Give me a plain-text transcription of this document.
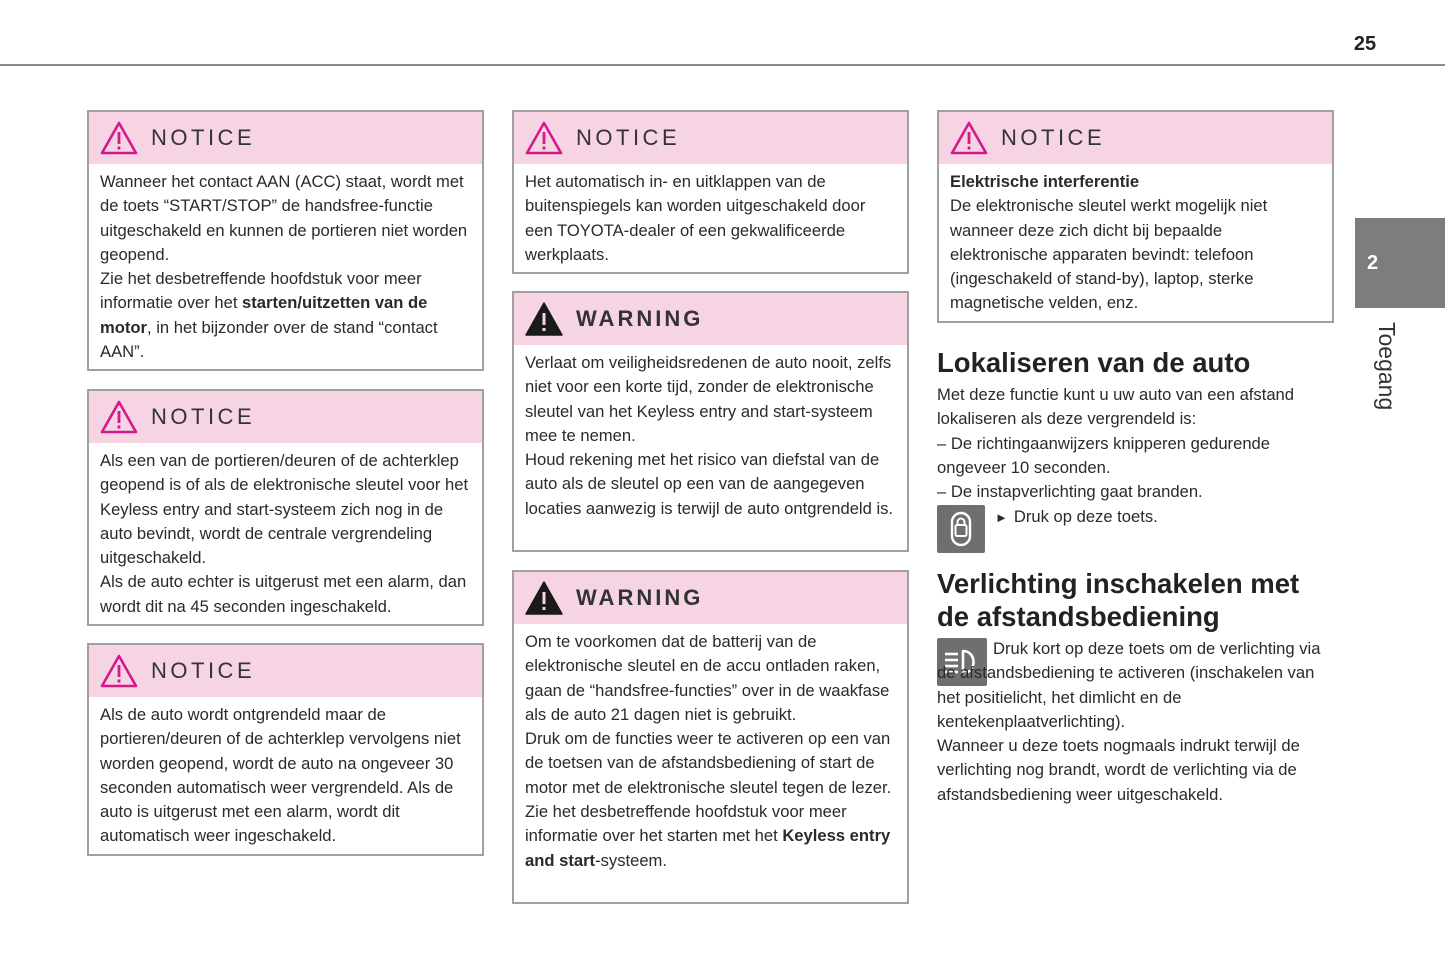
25
2
Toegang
NOTICE

Wanneer het contact AAN (ACC) staat, wordt met de toets “START/STOP” de handsfree-functie uitgeschakeld en kunnen de portieren niet worden geopend.

Zie het desbetreffende hoofdstuk voor meer informatie over het starten/uitzetten van de motor, in het bijzonder over de stand “contact AAN”.

NOTICE

Als een van de portieren/deuren of de achterklep geopend is of als de elektronische sleutel voor het Keyless entry and start-systeem zich nog in de auto bevindt, wordt de centrale vergrendeling uitgeschakeld.

Als de auto echter is uitgerust met een alarm, dan wordt dit na 45 seconden ingeschakeld.

NOTICE

Als de auto wordt ontgrendeld maar de portieren/deuren of de achterklep vervolgens niet worden geopend, wordt de auto na ongeveer 30 seconden automatisch weer vergrendeld. Als de auto is uitgerust met een alarm, wordt dit automatisch weer ingeschakeld.

NOTICE

Het automatisch in- en uitklappen van de buitenspiegels kan worden uitgeschakeld door een TOYOTA-dealer of een gekwalificeerde werkplaats.

WARNING

Verlaat om veiligheidsredenen de auto nooit, zelfs niet voor een korte tijd, zonder de elektronische sleutel van het Keyless entry and start-systeem mee te nemen.

Houd rekening met het risico van diefstal van de auto als de sleutel op een van de aangegeven locaties aanwezig is terwijl de auto ontgrendeld is.

WARNING

Om te voorkomen dat de batterij van de elektronische sleutel en de accu ontladen raken, gaan de “handsfree-functies” over in de waakfase als de auto 21 dagen niet is gebruikt.

Druk om de functies weer te activeren op een van de toetsen van de afstandsbediening of start de motor met de elektronische sleutel tegen de lezer.

Zie het desbetreffende hoofdstuk voor meer informatie over het starten met het Keyless entry and start-systeem.

NOTICE

Elektrische interferentie

De elektronische sleutel werkt mogelijk niet wanneer deze zich dicht bij bepaalde elektronische apparaten bevindt: telefoon (ingeschakeld of stand-by), laptop, sterke magnetische velden, enz.

Lokaliseren van de auto

Met deze functie kunt u uw auto van een afstand lokaliseren als deze vergrendeld is:

– De richtingaanwijzers knipperen gedurende ongeveer 10 seconden.

– De instapverlichting gaat branden.

► Druk op deze toets.
Verlichting inschakelen met
de afstandsbediening

Druk kort op deze toets om de verlichting via de afstandsbediening te activeren (inschakelen van het positielicht, het dimlicht en de kentekenplaatverlichting).

Wanneer u deze toets nogmaals indrukt terwijl de verlichting nog brandt, wordt de verlichting via de afstandsbediening weer uitgeschakeld.
